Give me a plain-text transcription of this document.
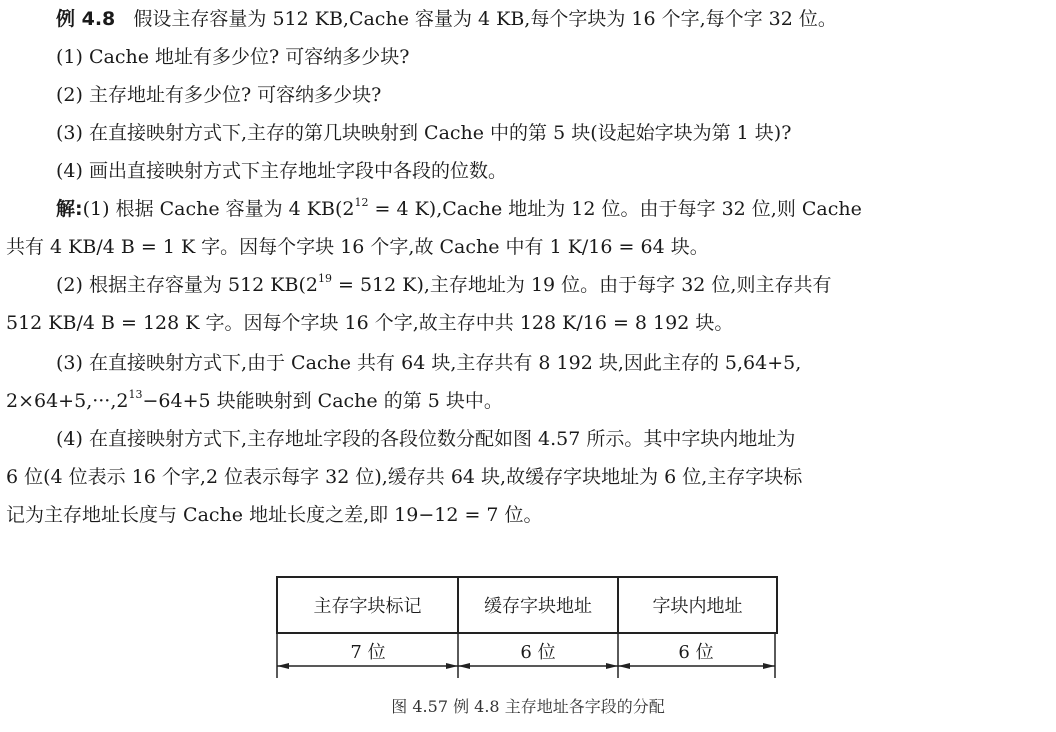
例 4.8 假设主存容量为 512 KB,Cache 容量为 4 KB,每个字块为 16 个字,每个字 32 位。
(1) Cache 地址有多少位? 可容纳多少块?
(2) 主存地址有多少位? 可容纳多少块?
(3) 在直接映射方式下,主存的第几块映射到 Cache 中的第 5 块(设起始字块为第 1 块)?
(4) 画出直接映射方式下主存地址字段中各段的位数。
解:(1) 根据 Cache 容量为 4 $KB(2^{12} = 4$ K),Cache 地址为 12 位。由于每字 32 位,则 Cache
共有 4 KB/4 B = 1 K 字。因每个字块 16 个字,故 Cache 中有 1 K/16 = 64 块。
(2) 根据主存容量为 512 $KB(2^{19} = 512$ K),主存地址为 19 位。由于每字 32 位,则主存共有
512 KB/4 B = 128 K 字。因每个字块 16 个字,故主存中共 128 K/16 = 8 192 块。
(3) 在直接映射方式下,由于 Cache 共有 64 块,主存共有 8 192 块,因此主存的 5,64+5,
$2\times 64+5,\cdot\cdot\cdot,2^{13}-64+5$ 块能映射到 Cache 的第 5 块中。
(4) 在直接映射方式下,主存地址字段的各段位数分配如图 4.57 所示。其中字块内地址为
6 位(4 位表示 16 个字,2 位表示每字 32 位),缓存共 64 块,故缓存字块地址为 6 位,主存字块标
记为主存地址长度与 Cache 地址长度之差,即 19−12 = 7 位。
主存字块标记	缓存字块地址	字块内地址
7 位	6 位	6 位
图 4.57 例 4.8 主存地址各字段的分配
